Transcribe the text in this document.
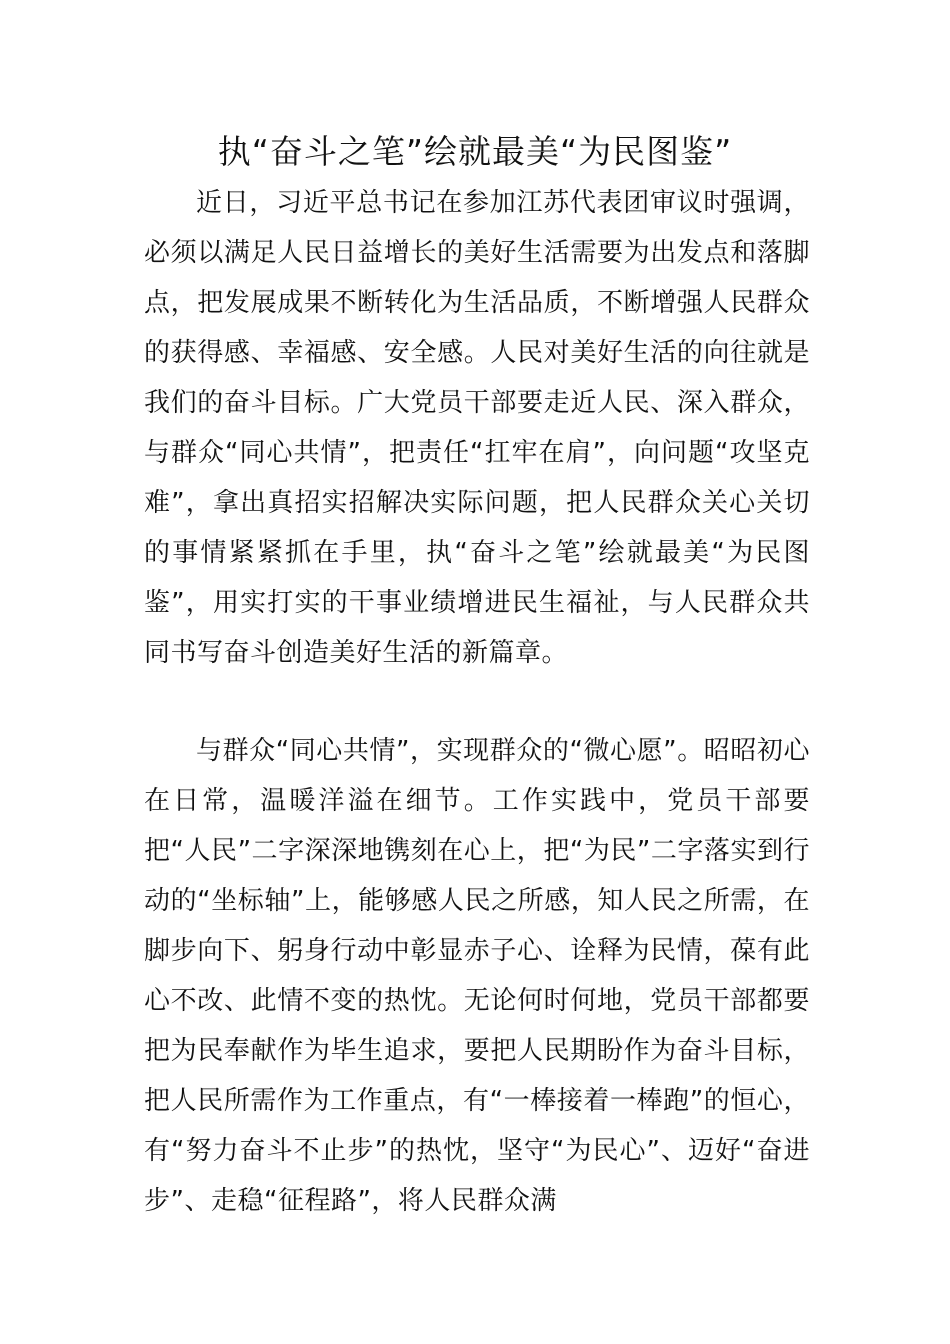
执“奋斗之笔”绘就最美“为民图鉴”

近日，习近平总书记在参加江苏代表团审议时强调，必须以满足人民日益增长的美好生活需要为出发点和落脚点，把发展成果不断转化为生活品质，不断增强人民群众的获得感、幸福感、安全感。人民对美好生活的向往就是我们的奋斗目标。广大党员干部要走近人民、深入群众，与群众“同心共情”，把责任“扛牢在肩”，向问题“攻坚克难”，拿出真招实招解决实际问题，把人民群众关心关切的事情紧紧抓在手里，执“奋斗之笔”绘就最美“为民图鉴”，用实打实的干事业绩增进民生福祉，与人民群众共同书写奋斗创造美好生活的新篇章。

与群众“同心共情”，实现群众的“微心愿”。昭昭初心在日常，温暖洋溢在细节。工作实践中，党员干部要把“人民”二字深深地镌刻在心上，把“为民”二字落实到行动的“坐标轴”上，能够感人民之所感，知人民之所需，在脚步向下、躬身行动中彰显赤子心、诠释为民情，葆有此心不改、此情不变的热忱。无论何时何地，党员干部都要把为民奉献作为毕生追求，要把人民期盼作为奋斗目标，把人民所需作为工作重点，有“一棒接着一棒跑”的恒心，有“努力奋斗不止步”的热忱，坚守“为民心”、迈好“奋进步”、走稳“征程路”，将人民群众满
